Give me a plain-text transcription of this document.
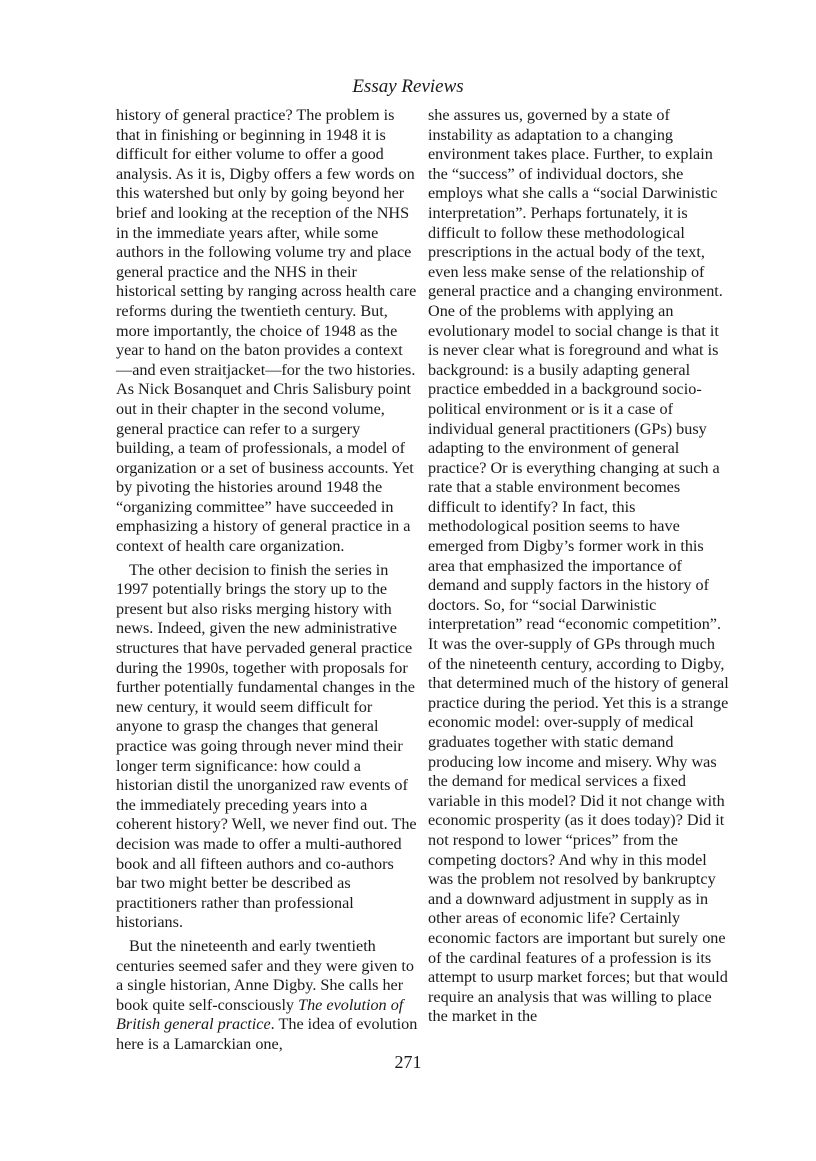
Essay Reviews

history of general practice? The problem is that in finishing or beginning in 1948 it is difficult for either volume to offer a good analysis. As it is, Digby offers a few words on this watershed but only by going beyond her brief and looking at the reception of the NHS in the immediate years after, while some authors in the following volume try and place general practice and the NHS in their historical setting by ranging across health care reforms during the twentieth century. But, more importantly, the choice of 1948 as the year to hand on the baton provides a context—and even straitjacket—for the two histories. As Nick Bosanquet and Chris Salisbury point out in their chapter in the second volume, general practice can refer to a surgery building, a team of professionals, a model of organization or a set of business accounts. Yet by pivoting the histories around 1948 the “organizing committee” have succeeded in emphasizing a history of general practice in a context of health care organization.

The other decision to finish the series in 1997 potentially brings the story up to the present but also risks merging history with news. Indeed, given the new administrative structures that have pervaded general practice during the 1990s, together with proposals for further potentially fundamental changes in the new century, it would seem difficult for anyone to grasp the changes that general practice was going through never mind their longer term significance: how could a historian distil the unorganized raw events of the immediately preceding years into a coherent history? Well, we never find out. The decision was made to offer a multi-authored book and all fifteen authors and co-authors bar two might better be described as practitioners rather than professional historians.

But the nineteenth and early twentieth centuries seemed safer and they were given to a single historian, Anne Digby. She calls her book quite self-consciously The evolution of British general practice. The idea of evolution here is a Lamarckian one,

she assures us, governed by a state of instability as adaptation to a changing environment takes place. Further, to explain the “success” of individual doctors, she employs what she calls a “social Darwinistic interpretation”. Perhaps fortunately, it is difficult to follow these methodological prescriptions in the actual body of the text, even less make sense of the relationship of general practice and a changing environment. One of the problems with applying an evolutionary model to social change is that it is never clear what is foreground and what is background: is a busily adapting general practice embedded in a background socio-political environment or is it a case of individual general practitioners (GPs) busy adapting to the environment of general practice? Or is everything changing at such a rate that a stable environment becomes difficult to identify? In fact, this methodological position seems to have emerged from Digby’s former work in this area that emphasized the importance of demand and supply factors in the history of doctors. So, for “social Darwinistic interpretation” read “economic competition”. It was the over-supply of GPs through much of the nineteenth century, according to Digby, that determined much of the history of general practice during the period. Yet this is a strange economic model: over-supply of medical graduates together with static demand producing low income and misery. Why was the demand for medical services a fixed variable in this model? Did it not change with economic prosperity (as it does today)? Did it not respond to lower “prices” from the competing doctors? And why in this model was the problem not resolved by bankruptcy and a downward adjustment in supply as in other areas of economic life? Certainly economic factors are important but surely one of the cardinal features of a profession is its attempt to usurp market forces; but that would require an analysis that was willing to place the market in the

271
